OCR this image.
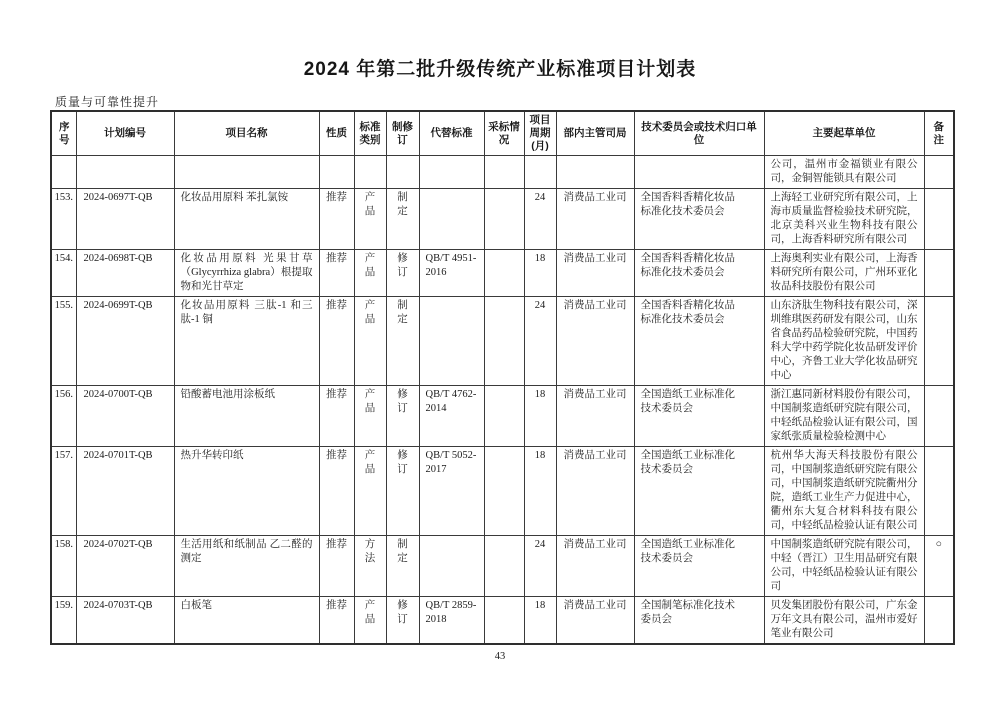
2024 年第二批升级传统产业标准项目计划表
质量与可靠性提升
序号	计划编号	项目名称	性质	标准类别	制修订	代替标准	采标情况	项目周期(月)	部内主管司局	技术委员会或技术归口单位	主要起草单位	备注
											公司，温州市金福锁业有限公司，金铜智能锁具有限公司	
153.	2024-0697T-QB	化妆品用原料 苯扎氯铵	推荐	产品	制定			24	消费品工业司	全国香料香精化妆品标准化技术委员会	上海轻工业研究所有限公司，上海市质量监督检验技术研究院，北京美科兴业生物科技有限公司，上海香料研究所有限公司	
154.	2024-0698T-QB	化妆品用原料 光果甘草（Glycyrrhiza glabra）根提取物和光甘草定	推荐	产品	修订	QB/T 4951-2016		18	消费品工业司	全国香料香精化妆品标准化技术委员会	上海奥利实业有限公司，上海香料研究所有限公司，广州环亚化妆品科技股份有限公司	
155.	2024-0699T-QB	化妆品用原料 三肽-1 和三肽-1 铜	推荐	产品	制定			24	消费品工业司	全国香料香精化妆品标准化技术委员会	山东济肽生物科技有限公司，深圳维琪医药研发有限公司，山东省食品药品检验研究院，中国药科大学中药学院化妆品研发评价中心，齐鲁工业大学化妆品研究中心	
156.	2024-0700T-QB	铅酸蓄电池用涂板纸	推荐	产品	修订	QB/T 4762-2014		18	消费品工业司	全国造纸工业标准化技术委员会	浙江惠同新材料股份有限公司，中国制浆造纸研究院有限公司，中轻纸品检验认证有限公司，国家纸张质量检验检测中心	
157.	2024-0701T-QB	热升华转印纸	推荐	产品	修订	QB/T 5052-2017		18	消费品工业司	全国造纸工业标准化技术委员会	杭州华大海天科技股份有限公司，中国制浆造纸研究院有限公司，中国制浆造纸研究院衢州分院，造纸工业生产力促进中心，衢州东大复合材料科技有限公司，中轻纸品检验认证有限公司	
158.	2024-0702T-QB	生活用纸和纸制品 乙二醛的测定	推荐	方法	制定			24	消费品工业司	全国造纸工业标准化技术委员会	中国制浆造纸研究院有限公司，中轻（晋江）卫生用品研究有限公司，中轻纸品检验认证有限公司	○
159.	2024-0703T-QB	白板笔	推荐	产品	修订	QB/T 2859-2018		18	消费品工业司	全国制笔标准化技术委员会	贝发集团股份有限公司，广东金万年文具有限公司，温州市爱好笔业有限公司	
43
